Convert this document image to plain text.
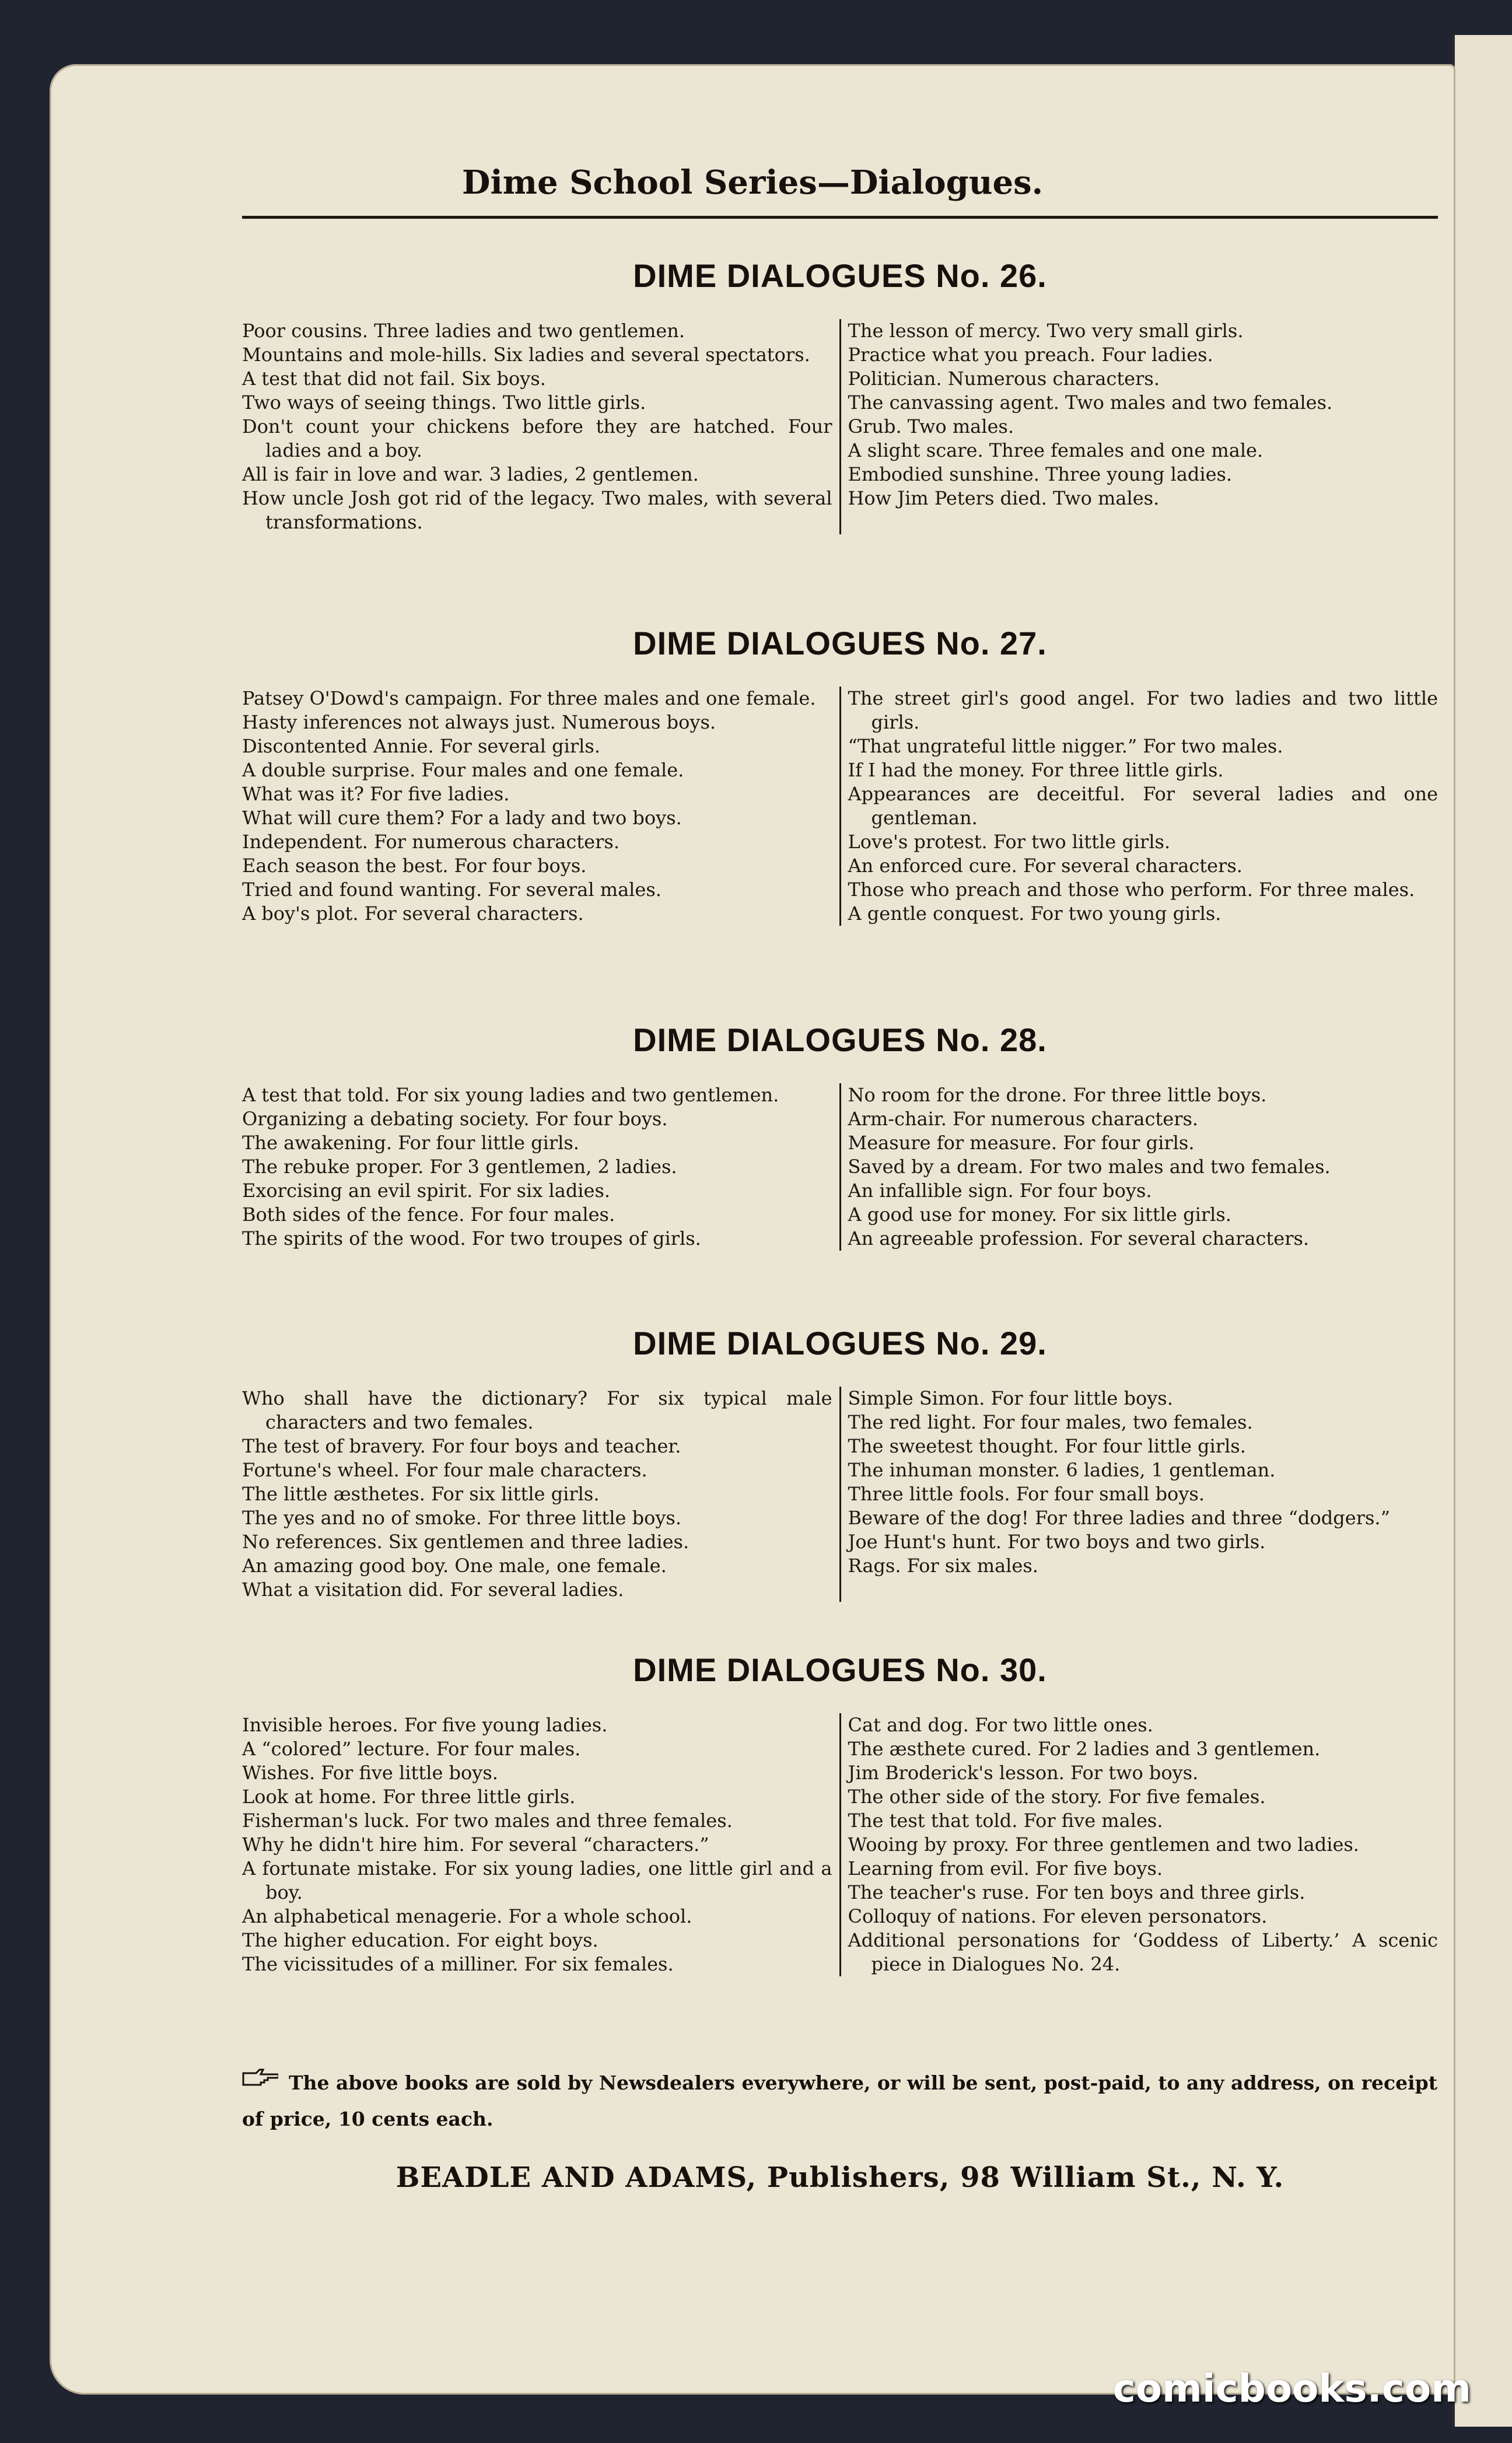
Dime School Series—Dialogues.
DIME DIALOGUES No. 26.
Poor cousins. Three ladies and two gentlemen.
Mountains and mole-hills. Six ladies and several spectators.
A test that did not fail. Six boys.
Two ways of seeing things. Two little girls.
Don't count your chickens before they are hatched. Four ladies and a boy.
All is fair in love and war. 3 ladies, 2 gentlemen.
How uncle Josh got rid of the legacy. Two males, with several transformations.
The lesson of mercy. Two very small girls.
Practice what you preach. Four ladies.
Politician. Numerous characters.
The canvassing agent. Two males and two females.
Grub. Two males.
A slight scare. Three females and one male.
Embodied sunshine. Three young ladies.
How Jim Peters died. Two males.
DIME DIALOGUES No. 27.
Patsey O'Dowd's campaign. For three males and one female.
Hasty inferences not always just. Numerous boys.
Discontented Annie. For several girls.
A double surprise. Four males and one female.
What was it? For five ladies.
What will cure them? For a lady and two boys.
Independent. For numerous characters.
Each season the best. For four boys.
Tried and found wanting. For several males.
A boy's plot. For several characters.
The street girl's good angel. For two ladies and two little girls.
“That ungrateful little nigger.” For two males.
If I had the money. For three little girls.
Appearances are deceitful. For several ladies and one gentleman.
Love's protest. For two little girls.
An enforced cure. For several characters.
Those who preach and those who perform. For three males.
A gentle conquest. For two young girls.
DIME DIALOGUES No. 28.
A test that told. For six young ladies and two gentlemen.
Organizing a debating society. For four boys.
The awakening. For four little girls.
The rebuke proper. For 3 gentlemen, 2 ladies.
Exorcising an evil spirit. For six ladies.
Both sides of the fence. For four males.
The spirits of the wood. For two troupes of girls.
No room for the drone. For three little boys.
Arm-chair. For numerous characters.
Measure for measure. For four girls.
Saved by a dream. For two males and two females.
An infallible sign. For four boys.
A good use for money. For six little girls.
An agreeable profession. For several characters.
DIME DIALOGUES No. 29.
Who shall have the dictionary? For six typical male characters and two females.
The test of bravery. For four boys and teacher.
Fortune's wheel. For four male characters.
The little æsthetes. For six little girls.
The yes and no of smoke. For three little boys.
No references. Six gentlemen and three ladies.
An amazing good boy. One male, one female.
What a visitation did. For several ladies.
Simple Simon. For four little boys.
The red light. For four males, two females.
The sweetest thought. For four little girls.
The inhuman monster. 6 ladies, 1 gentleman.
Three little fools. For four small boys.
Beware of the dog! For three ladies and three “dodgers.”
Joe Hunt's hunt. For two boys and two girls.
Rags. For six males.
DIME DIALOGUES No. 30.
Invisible heroes. For five young ladies.
A “colored” lecture. For four males.
Wishes. For five little boys.
Look at home. For three little girls.
Fisherman's luck. For two males and three females.
Why he didn't hire him. For several “characters.”
A fortunate mistake. For six young ladies, one little girl and a boy.
An alphabetical menagerie. For a whole school.
The higher education. For eight boys.
The vicissitudes of a milliner. For six females.
Cat and dog. For two little ones.
The æsthete cured. For 2 ladies and 3 gentlemen.
Jim Broderick's lesson. For two boys.
The other side of the story. For five females.
The test that told. For five males.
Wooing by proxy. For three gentlemen and two ladies.
Learning from evil. For five boys.
The teacher's ruse. For ten boys and three girls.
Colloquy of nations. For eleven personators.
Additional personations for ‘Goddess of Liberty.’ A scenic piece in Dialogues No. 24.
The above books are sold by Newsdealers everywhere, or will be sent, post-paid, to any address, on receipt of price, 10 cents each.
BEADLE AND ADAMS, Publishers, 98 William St., N. Y.
comicbooks.com
